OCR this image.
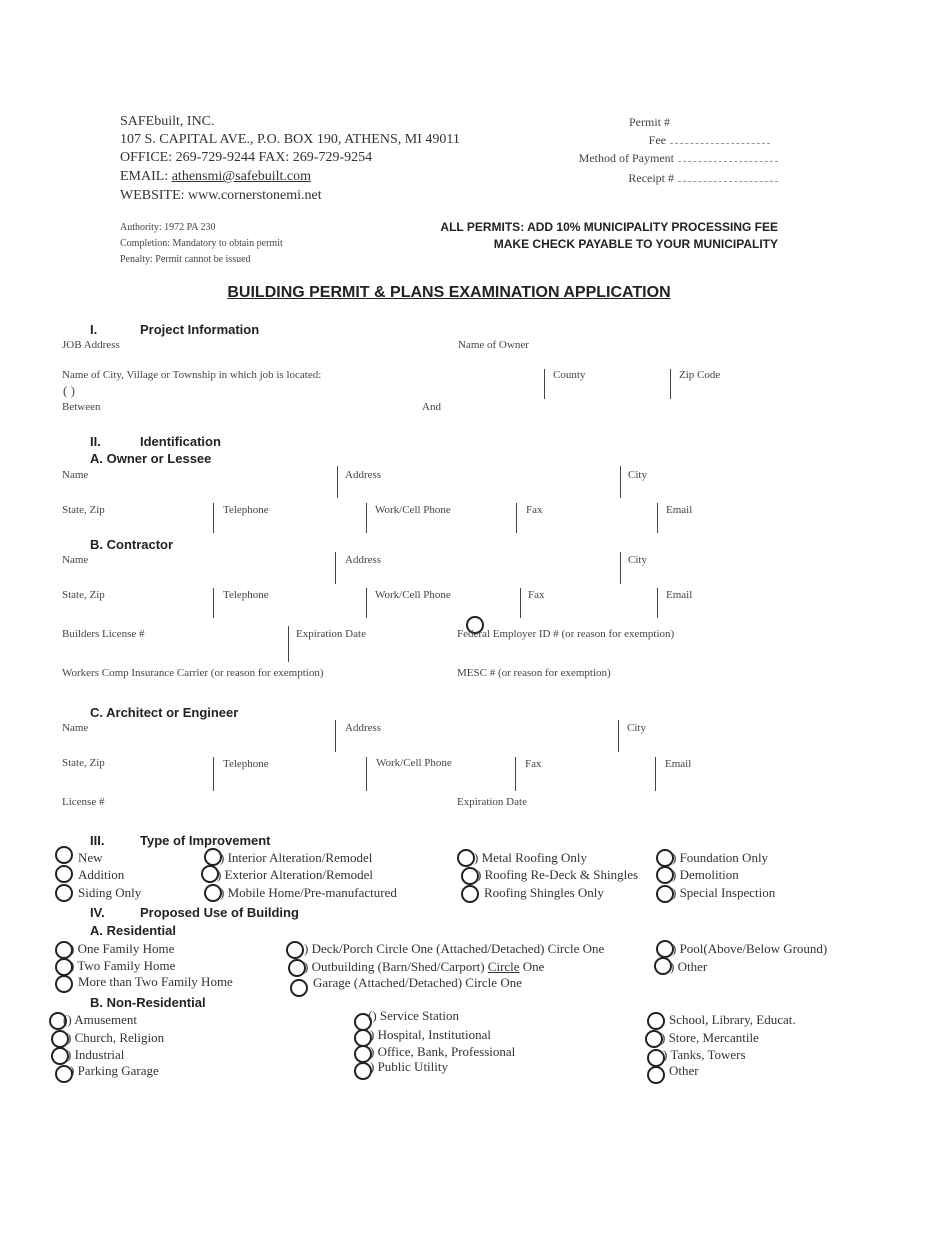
SAFEbuilt, INC.
107 S. CAPITAL AVE., P.O. BOX 190, ATHENS, MI 49011
OFFICE: 269-729-9244 FAX: 269-729-9254
EMAIL: athensmi@safebuilt.com
WEBSITE: www.cornerstonemi.net
Permit #
Fee
Method of Payment
Receipt #
Authority: 1972 PA 230
Completion: Mandatory to obtain permit
Penalty: Permit cannot be issued
ALL PERMITS: ADD 10% MUNICIPALITY PROCESSING FEE
MAKE CHECK PAYABLE TO YOUR MUNICIPALITY
BUILDING PERMIT & PLANS EXAMINATION APPLICATION
I.	Project Information
JOB Address	Name of Owner
Name of City, Village or Township in which job is located:
( )
County	Zip Code
Between	And
II.	Identification
A. Owner or Lessee
Name	Address	City
State, Zip	Telephone	Work/Cell Phone	Fax	Email
B. Contractor
Name	Address	City
State, Zip	Telephone	Work/Cell Phone	Fax	Email
Builders License #	Expiration Date	Federal Employer ID # (or reason for exemption)
Workers Comp Insurance Carrier (or reason for exemption)	MESC # (or reason for exemption)
C. Architect or Engineer
Name	Address	City
State, Zip	Telephone	Work/Cell Phone	Fax	Email
License #	Expiration Date
III.	Type of Improvement
New
Addition
Siding Only
) Interior Alteration/Remodel
) Exterior Alteration/Remodel
) Mobile Home/Pre-manufactured
) Metal Roofing Only
) Roofing Re-Deck & Shingles
Roofing Shingles Only
) Foundation Only
) Demolition
) Special Inspection
IV.	Proposed Use of Building
A. Residential
) One Family Home
) Two Family Home
More than Two Family Home
) Deck/Porch Circle One (Attached/Detached) Circle One
) Outbuilding (Barn/Shed/Carport) Circle One
Garage (Attached/Detached) Circle One
) Pool(Above/Below Ground)
) Other
B. Non-Residential
() Amusement
) Church, Religion
) Industrial
) Parking Garage
() Service Station
) Hospital, Institutional
) Office, Bank, Professional
) Public Utility
School, Library, Educat.
) Store, Mercantile
) Tanks, Towers
Other
